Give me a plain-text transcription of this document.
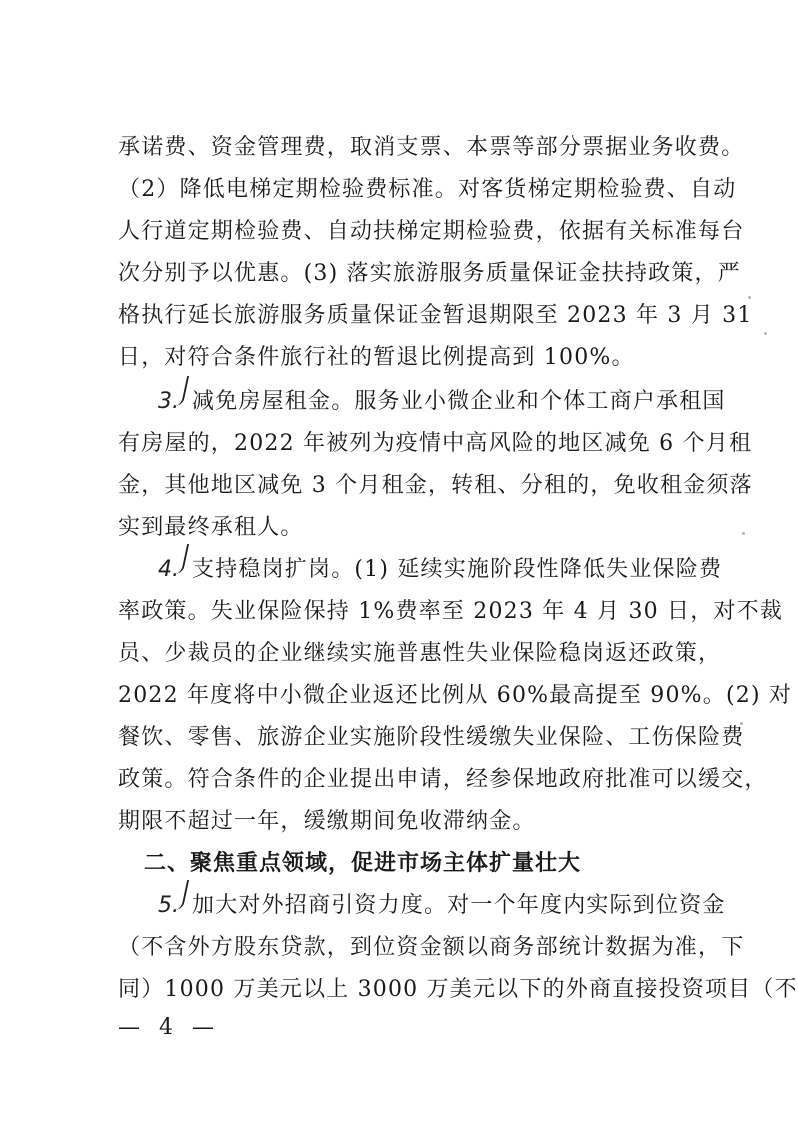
承诺费、资金管理费，取消支票、本票等部分票据业务收费。
（2）降低电梯定期检验费标准。对客货梯定期检验费、自动
人行道定期检验费、自动扶梯定期检验费，依据有关标准每台
次分别予以优惠。(3) 落实旅游服务质量保证金扶持政策，严
格执行延长旅游服务质量保证金暂退期限至 2023 年 3 月 31
日，对符合条件旅行社的暂退比例提高到 100%。
3. 减免房屋租金。服务业小微企业和个体工商户承租国
有房屋的，2022 年被列为疫情中高风险的地区减免 6 个月租
金，其他地区减免 3 个月租金，转租、分租的，免收租金须落
实到最终承租人。
4. 支持稳岗扩岗。(1) 延续实施阶段性降低失业保险费
率政策。失业保险保持 1%费率至 2023 年 4 月 30 日，对不裁
员、少裁员的企业继续实施普惠性失业保险稳岗返还政策，
2022 年度将中小微企业返还比例从 60%最高提至 90%。(2) 对
餐饮、零售、旅游企业实施阶段性缓缴失业保险、工伤保险费
政策。符合条件的企业提出申请，经参保地政府批准可以缓交，
期限不超过一年，缓缴期间免收滞纳金。
二、聚焦重点领域，促进市场主体扩量壮大
5. 加大对外招商引资力度。对一个年度内实际到位资金
（不含外方股东贷款，到位资金额以商务部统计数据为准，下
同）1000 万美元以上 3000 万美元以下的外商直接投资项目（不
— 4 —
